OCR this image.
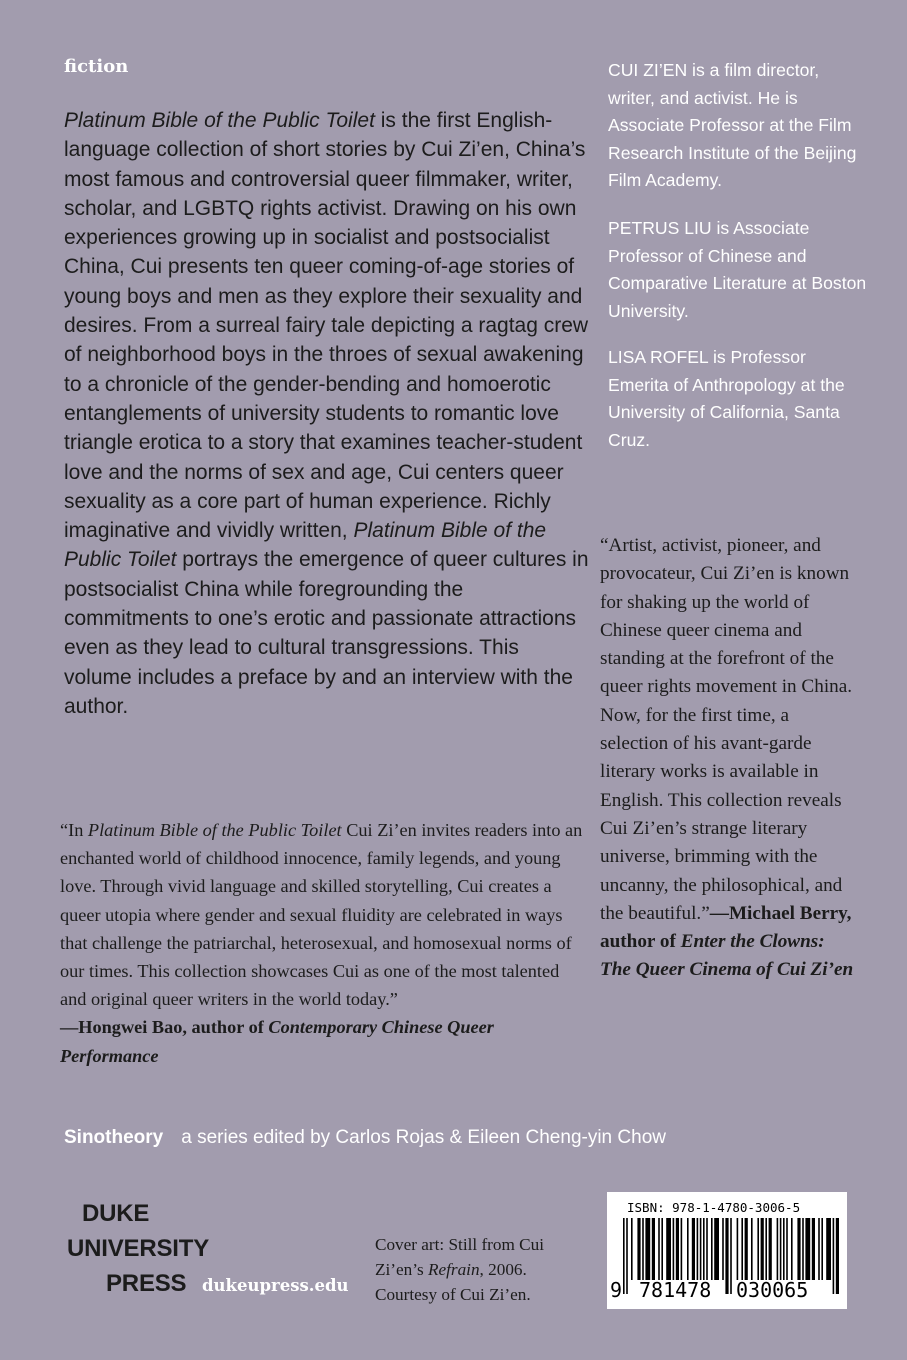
fiction
Platinum Bible of the Public Toilet is the first English-language collection of short stories by Cui Zi’en, China’s most famous and controversial queer filmmaker, writer, scholar, and LGBTQ rights activist. Drawing on his own experiences growing up in socialist and postsocialist China, Cui presents ten queer coming-of-age stories of young boys and men as they explore their sexuality and desires. From a surreal fairy tale depicting a ragtag crew of neighborhood boys in the throes of sexual awakening to a chronicle of the gender-bending and homoerotic entanglements of university students to romantic love triangle erotica to a story that examines teacher-student love and the norms of sex and age, Cui centers queer sexuality as a core part of human experience. Richly imaginative and vividly written, Platinum Bible of the Public Toilet portrays the emergence of queer cultures in postsocialist China while foregrounding the commitments to one’s erotic and passionate attractions even as they lead to cultural transgressions. This volume includes a preface by and an interview with the author.
CUI ZI’EN is a film director, writer, and activist. He is Associate Professor at the Film Research Institute of the Beijing Film Academy.
PETRUS LIU is Associate Professor of Chinese and Comparative Literature at Boston University.
LISA ROFEL is Professor Emerita of Anthropology at the University of California, Santa Cruz.
“Artist, activist, pioneer, and provocateur, Cui Zi’en is known for shaking up the world of Chinese queer cinema and standing at the forefront of the queer rights movement in China. Now, for the first time, a selection of his avant-garde literary works is available in English. This collection reveals Cui Zi’en’s strange literary universe, brimming with the uncanny, the philosophical, and the beautiful.”—Michael Berry, author of Enter the Clowns: The Queer Cinema of Cui Zi’en
“In Platinum Bible of the Public Toilet Cui Zi’en invites readers into an enchanted world of childhood innocence, family legends, and young love. Through vivid language and skilled storytelling, Cui creates a queer utopia where gender and sexual fluidity are celebrated in ways that challenge the patriarchal, heterosexual, and homosexual norms of our times. This collection showcases Cui as one of the most talented and original queer writers in the world today.”
—Hongwei Bao, author of Contemporary Chinese Queer Performance
Sinotheory a series edited by Carlos Rojas & Eileen Cheng-yin Chow
DUKE
UNIVERSITY
PRESS dukeupress.edu
Cover art: Still from Cui Zi’en’s Refrain, 2006. Courtesy of Cui Zi’en.
ISBN: 978-1-4780-3006-5
9 781478 030065
